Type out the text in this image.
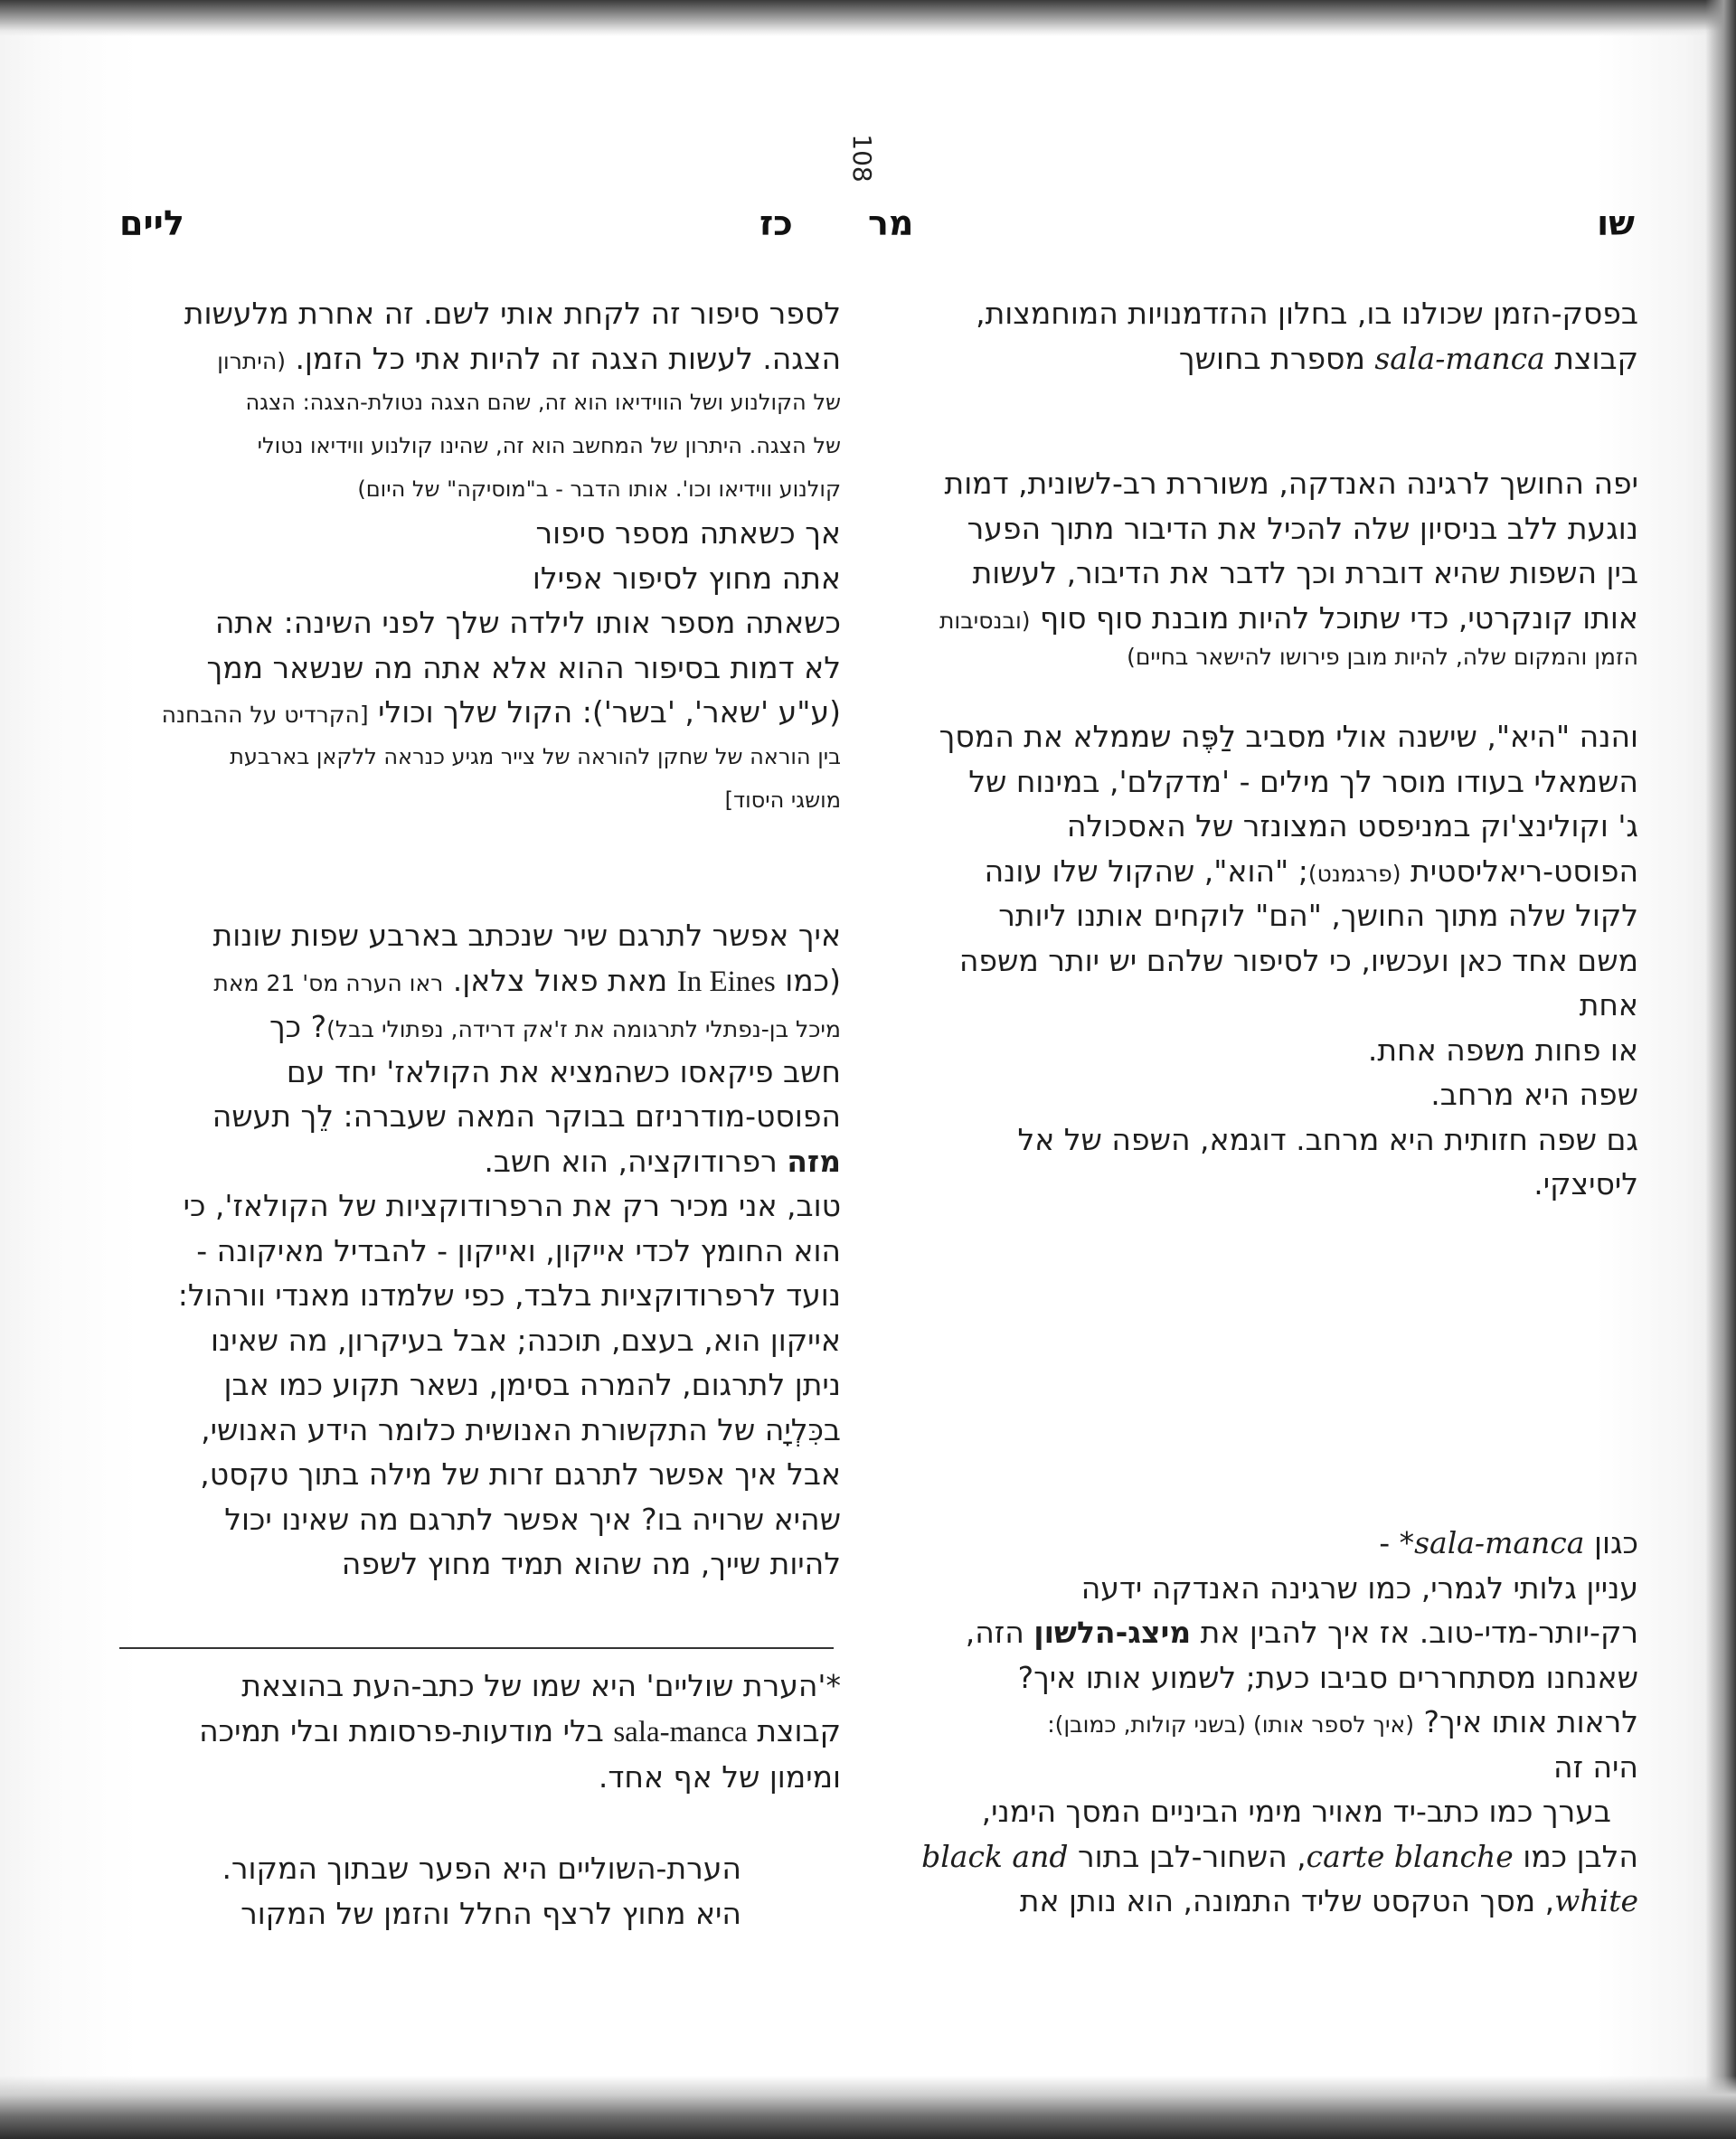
108
שו
מר
כז
ליים

בפסק-הזמן שכולנו בו, בחלון ההזדמנויות המוחמצות,

קבוצת sala-manca מספרת בחושך

יפה החושך לרגינה האנדקה, משוררת רב-לשונית, דמות

נוגעת ללב בניסיון שלה להכיל את הדיבור מתוך הפער

בין השפות שהיא דוברת וכך לדבר את הדיבור, לעשות

אותו קונקרטי, כדי שתוכל להיות מובנת סוף סוף (ובנסיבות

הזמן והמקום שלה, להיות מובן פירושו להישאר בחיים)

והנה "היא", שישנה אולי מסביב לַפֶּה שממלא את המסך

השמאלי בעודו מוסר לך מילים - 'מדקלם', במינוח של

ג' וקולינצ'וק במניפסט המצונזר של האסכולה

הפוסט-ריאליסטית (פרגמנט); "הוא", שהקול שלו עונה

לקול שלה מתוך החושך, "הם" לוקחים אותנו ליותר

משם אחד כאן ועכשיו, כי לסיפור שלהם יש יותר משפה

אחת

או פחות משפה אחת.

שפה היא מרחב.

גם שפה חזותית היא מרחב. דוגמא, השפה של אל

ליסיצקי.

כגון sala-manca* -

עניין גלותי לגמרי, כמו שרגינה האנדקה ידעה

רק-יותר-מדי-טוב. אז איך להבין את מיצג-הלשון הזה,

שאנחנו מסתחררים סביבו כעת; לשמוע אותו איך?

לראות אותו איך? (איך לספר אותו) (בשני קולות, כמובן):

היה זה

בערך כמו כתב-יד מאויר מימי הביניים המסך הימני,

הלבן כמו carte blanche, השחור-לבן בתור black and

white, מסך הטקסט שליד התמונה, הוא נותן את

לספר סיפור זה לקחת אותי לשם. זה אחרת מלעשות

הצגה. לעשות הצגה זה להיות אתי כל הזמן. (היתרון

של הקולנוע ושל הווידיאו הוא זה, שהם הצגה נטולת-הצגה: הצגה

של הצגה. היתרון של המחשב הוא זה, שהינו קולנוע ווידיאו נטולי

קולנוע ווידיאו וכו'. אותו הדבר - ב"מוסיקה" של היום)

אך כשאתה מספר סיפור

אתה מחוץ לסיפור אפילו

כשאתה מספר אותו לילדה שלך לפני השינה: אתה

לא דמות בסיפור ההוא אלא אתה מה שנשאר ממך

(ע"ע 'שאר', 'בשר'): הקול שלך וכולי [הקרדיט על ההבחנה

בין הוראה של שחקן להוראה של צייר מגיע כנראה ללקאן בארבעת

מושגי היסוד]

איך אפשר לתרגם שיר שנכתב בארבע שפות שונות

(כמו In Eines מאת פאול צלאן. ראו הערה מס' 21 מאת

מיכל בן-נפתלי לתרגומה את ז'אק דרידה, נפתולי בבל)? כך

חשב פיקאסו כשהמציא את הקולאז' יחד עם

הפוסט-מודרניזם בבוקר המאה שעברה: לֵך תעשה

מזה רפרודוקציה, הוא חשב.

טוב, אני מכיר רק את הרפרודוקציות של הקולאז', כי

הוא החומץ לכדי אייקון, ואייקון - להבדיל מאיקונה -

נועד לרפרודוקציות בלבד, כפי שלמדנו מאנדי וורהול:

אייקון הוא, בעצם, תוכנה; אבל בעיקרון, מה שאינו

ניתן לתרגום, להמרה בסימן, נשאר תקוע כמו אבן

בכִּלְיָה של התקשורת האנושית כלומר הידע האנושי,

אבל איך אפשר לתרגם זרות של מילה בתוך טקסט,

שהיא שרויה בו? איך אפשר לתרגם מה שאינו יכול

להיות שייך, מה שהוא תמיד מחוץ לשפה

*'הערת שוליים' היא שמו של כתב-העת בהוצאת

קבוצת sala-manca בלי מודעות-פרסומת ובלי תמיכה

ומימון של אף אחד.

הערת-השוליים היא הפער שבתוך המקור.

היא מחוץ לרצף החלל והזמן של המקור
